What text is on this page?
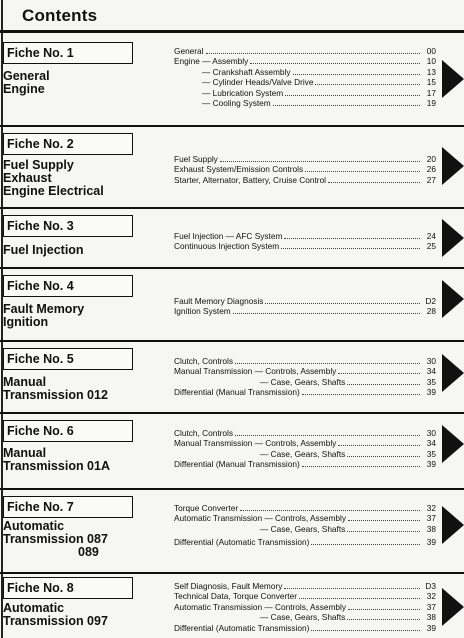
Contents
Fiche No. 1
General
Engine
General	00
Engine — Assembly	10
— Crankshaft Assembly	13
— Cylinder Heads/Valve Drive	15
— Lubrication System	17
— Cooling System	19
Fiche No. 2
Fuel Supply
Exhaust
Engine Electrical
Fuel Supply	20
Exhaust System/Emission Controls	26
Starter, Alternator, Battery, Cruise Control	27
Fiche No. 3
Fuel Injection
Fuel Injection — AFC System	24
Continuous Injection System	25
Fiche No. 4
Fault Memory
Ignition
Fault Memory Diagnosis	D2
Ignition System	28
Fiche No. 5
Manual
Transmission 012
Clutch, Controls	30
Manual Transmission — Controls, Assembly	34
— Case, Gears, Shafts	35
Differential (Manual Transmission)	39
Fiche No. 6
Manual
Transmission 01A
Clutch, Controls	30
Manual Transmission — Controls, Assembly	34
— Case, Gears, Shafts	35
Differential (Manual Transmission)	39
Fiche No. 7
Automatic
Transmission 087
089
Torque Converter	32
Automatic Transmission — Controls, Assembly	37
— Case, Gears, Shafts	38
Differential (Automatic Transmission)	39
Fiche No. 8
Automatic
Transmission 097
Self Diagnosis, Fault Memory	D3
Technical Data, Torque Converter	32
Automatic Transmission — Controls, Assembly	37
— Case, Gears, Shafts	38
Differential (Automatic Transmission)	39
